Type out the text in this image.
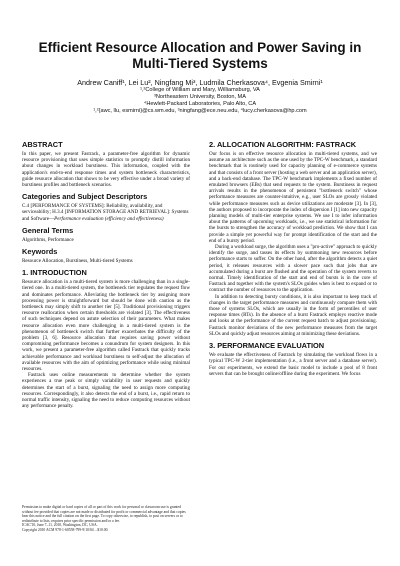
Efficient Resource Allocation and Power Saving in Multi-Tiered Systems
Andrew Caniff¹, Lei Lu², Ningfang Mi³, Ludmila Cherkasova⁴, Evgenia Smirni¹
¹,²College of William and Mary, Williamsburg, VA
³Northeastern University, Boston, MA
⁴Hewlett-Packard Laboratories, Palo Alto, CA
¹,²{awc, llu, esmirni}@cs.wm.edu, ³ningfang@ece.neu.edu, ⁴lucy.cherkasova@hp.com
ABSTRACT

In this paper, we present Fastrack, a parameter-free algorithm for dynamic resource provisioning that uses simple statistics to promptly distill information about changes in workload burstiness. This information, coupled with the application's end-to-end response times and system bottleneck characteristics, guide resource allocation that shows to be very effective under a broad variety of burstiness profiles and bottleneck scenarios.

Categories and Subject Descriptors

C.4 [PERFORMANCE OF SYSTEMS]: Reliability, availability, and serviceability; H.3.4 [INFORMATION STORAGE AND RETRIEVAL]: Systems and Software—Performance evaluation (efficiency and effectiveness)

General Terms

Algorithms, Performance

Keywords

Resource Allocation, Burstiness, Multi-tiered Systems

1. INTRODUCTION

Resource allocation in a multi-tiered system is more challenging than in a single-tiered one. In a multi-tiered system, the bottleneck tier regulates the request flow and dominates performance. Alleviating the bottleneck tier by assigning more processing power is straightforward but should be done with caution as the bottleneck may simply shift to another tier [5]. Traditional provisioning triggers resource reallocation when certain thresholds are violated [3]. The effectiveness of such techniques depend on astute selection of their parameters. What makes resource allocation even more challenging in a multi-tiered system is the phenomenon of bottleneck switch that further exacerbates the difficulty of the problem [3, 6]. Resource allocation that requires saving power without compromising performance becomes a conundrum for system designers. In this work, we present a parameter-free algorithm called Fastrack that quickly tracks achievable performance and workload burstiness to self-adjust the allocation of available resources with the aim of optimizing performance while using minimal resources.

Fastrack uses online measurements to determine whether the system experiences a true peak or simply variability in user requests and quickly determines the start of a burst, signaling the need to assign more computing resources. Correspondingly, it also detects the end of a burst, i.e., rapid return to normal traffic intensity, signaling the need to reduce computing resources without any performance penalty.

2. ALLOCATION ALGORITHM: FASTRACK

Our focus is on effective resource allocation in multi-tiered systems, and we assume an architecture such as the one used by the TPC-W benchmark, a standard benchmark that is routinely used for capacity planning of e-commerce systems and that consists of a front server (hosting a web server and an application server), and a back-end database. The TPC-W benchmark implements a fixed number of emulated browsers (EBs) that send requests to the system. Burstiness in request arrivals results in the phenomenon of persistent "bottleneck switch" whose performance measures are counter-intuitive, e.g., user SLOs are grossly violated while performance measures such as device utilizations are moderate [3]. In [3], the authors proposed to incorporate the index of dispersion I [1] into new capacity planning models of multi-tier enterprise systems. We use I to infer information about the patterns of upcoming workloads, i.e., we use statistical information for the bursts to strengthen the accuracy of workload prediction. We show that I can provide a simple yet powerful way for prompt identification of the start and the end of a bursty period.

During a workload surge, the algorithm uses a "pro-active" approach to quickly identify the surge, and tasses its effects by summoning new resources before performance starts to suffer. On the other hand, after the algorithm detects a quiet period, it releases resources with a slower pace such that jobs that are accumulated during a burst are flushed and the operation of the system reverts to normal. Timely identification of the start and end of bursts is in the core of Fastrack and together with the system's SLOs guides when is best to expand or to contract the number of resources to the application.

In addition to detecting bursty conditions, it is also important to keep track of changes in the target performance measures and continuously compare them with those of systems SLOs, which are usually in the form of percentiles of user response times (RTs). In the absence of a burst Fastrack employs reactive mode and looks at the performance of the current request batch to adjust provisioning. Fastrack monitor deviations of the new performance measures from the target SLOs and quickly adjust resources aiming at minimizing these deviations.

3. PERFORMANCE EVALUATION

We evaluate the effectiveness of Fastrack by simulating the workload flows in a typical TPC-W 2-tier implementation (i.e., a front server and a database server). For our experiments, we extend the basic model to include a pool of 8 front servers that can be brought online/offline during the experiment. We focus

Permission to make digital or hard copies of all or part of this work for personal or classroom use is granted without fee provided that copies are not made or distributed for profit or commercial advantage and that copies bear this notice and the full citation on the first page. To copy otherwise, to republish, to post on servers or to redistribute to lists, requires prior specific permission and/or a fee.
ICAC'10, June 7–11, 2010, Washington, DC, USA.
Copyright 2010 ACM 978-1-60558-799-9/10/04 ...$10.00.
